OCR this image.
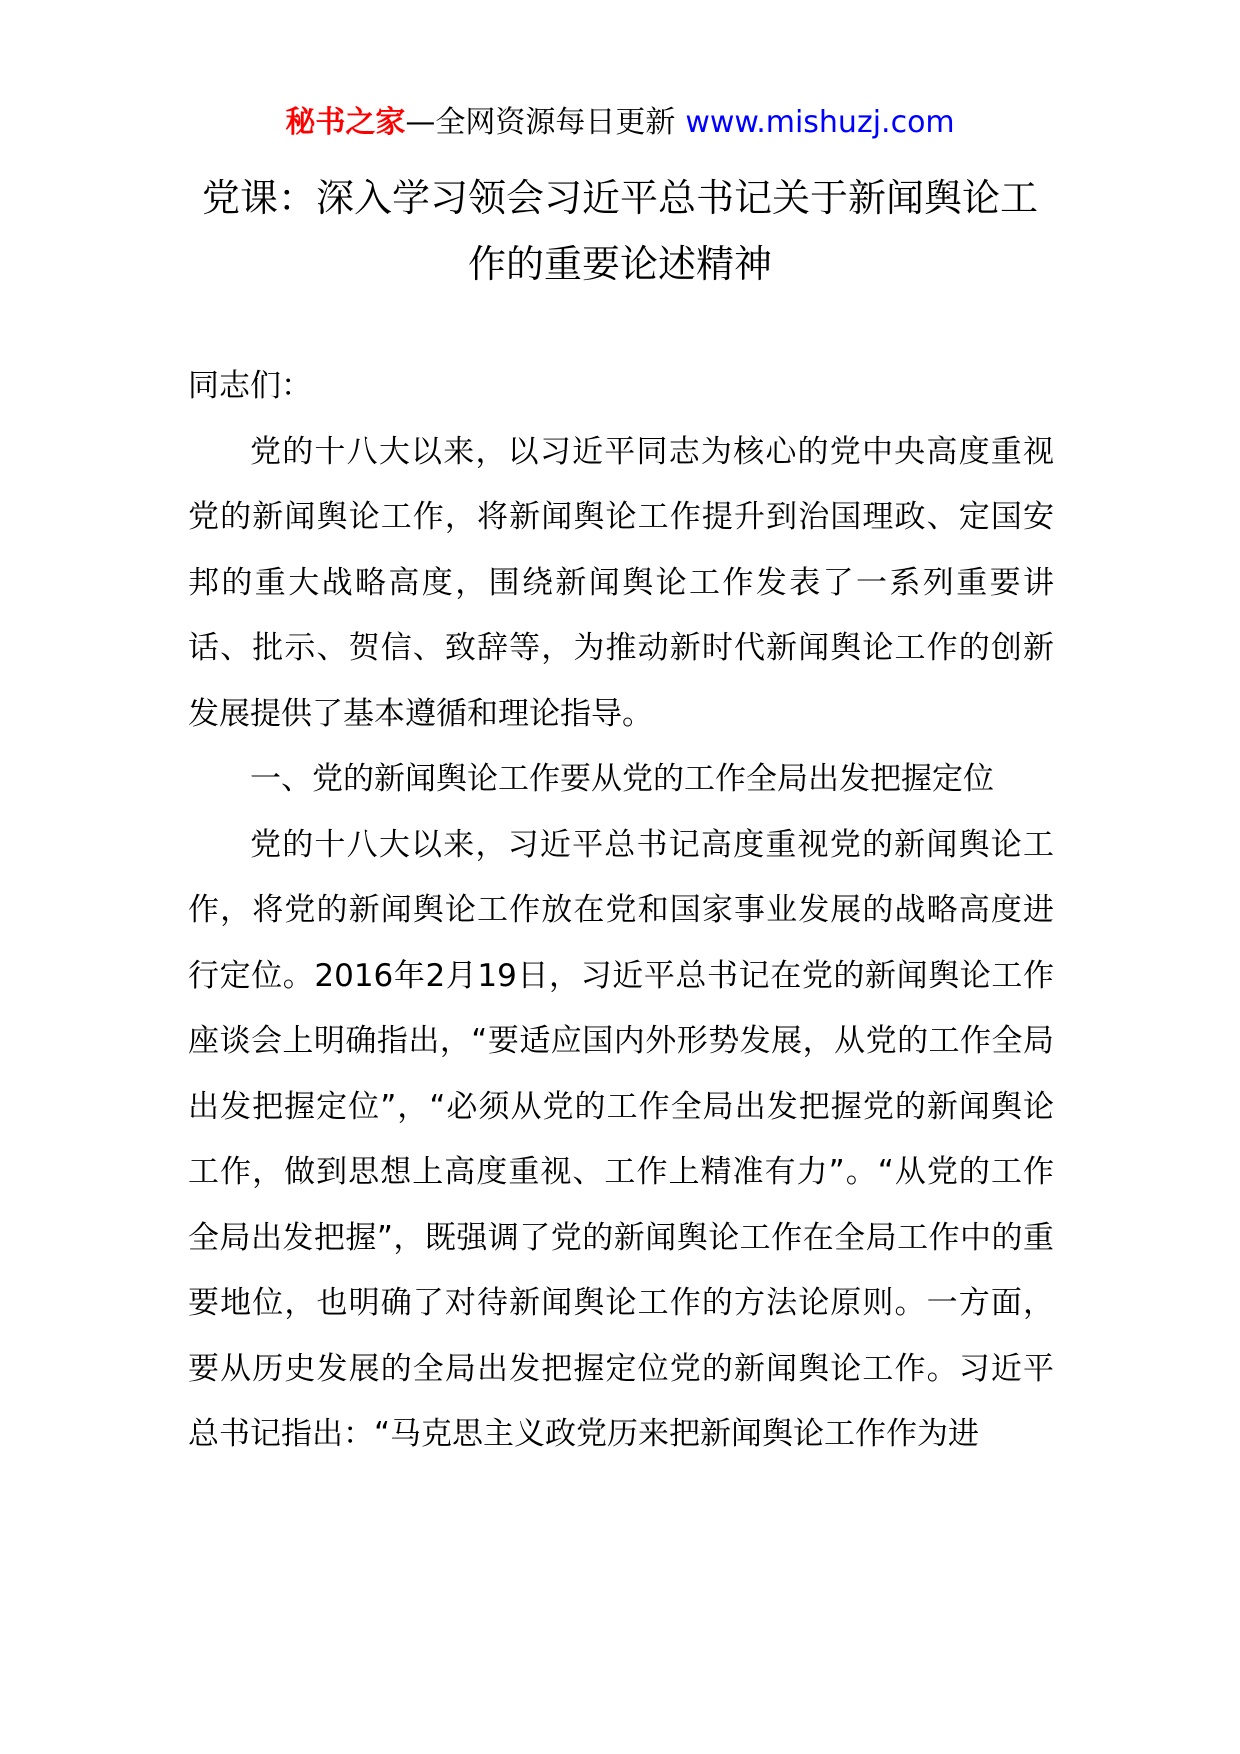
秘书之家—全网资源每日更新 www.mishuzj.com
党课：深入学习领会习近平总书记关于新闻舆论工作的重要论述精神

同志们：

党的十八大以来，以习近平同志为核心的党中央高度重视党的新闻舆论工作，将新闻舆论工作提升到治国理政、定国安邦的重大战略高度，围绕新闻舆论工作发表了一系列重要讲话、批示、贺信、致辞等，为推动新时代新闻舆论工作的创新发展提供了基本遵循和理论指导。

一、党的新闻舆论工作要从党的工作全局出发把握定位

党的十八大以来，习近平总书记高度重视党的新闻舆论工作，将党的新闻舆论工作放在党和国家事业发展的战略高度进行定位。2016年2月19日，习近平总书记在党的新闻舆论工作座谈会上明确指出，“要适应国内外形势发展，从党的工作全局出发把握定位”，“必须从党的工作全局出发把握党的新闻舆论工作，做到思想上高度重视、工作上精准有力”。“从党的工作全局出发把握”，既强调了党的新闻舆论工作在全局工作中的重要地位，也明确了对待新闻舆论工作的方法论原则。一方面，要从历史发展的全局出发把握定位党的新闻舆论工作。习近平总书记指出：“马克思主义政党历来把新闻舆论工作作为进
